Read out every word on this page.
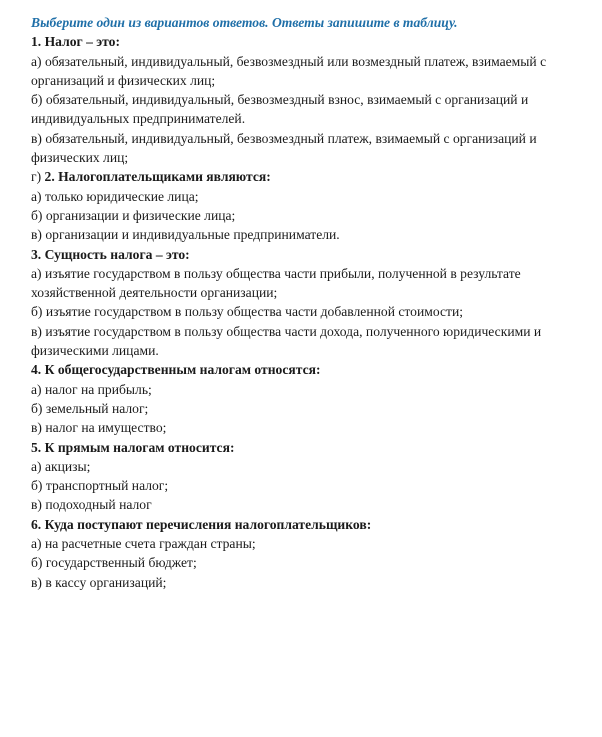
Выберите один из вариантов ответов. Ответы запишите в таблицу.
1. Налог – это:
а) обязательный, индивидуальный, безвозмездный или возмездный платеж, взимаемый с
организаций и физических лиц;
б) обязательный, индивидуальный, безвозмездный взнос, взимаемый с организаций и
индивидуальных предпринимателей.
в) обязательный, индивидуальный, безвозмездный платеж, взимаемый с организаций и
физических лиц;
г) 2. Налогоплательщиками являются:
а) только юридические лица;
б) организации и физические лица;
в) организации и индивидуальные предприниматели.
3. Сущность налога – это:
а) изъятие государством в пользу общества части прибыли, полученной в результате
хозяйственной деятельности организации;
б) изъятие государством в пользу общества части добавленной стоимости;
в) изъятие государством в пользу общества части дохода, полученного юридическими и
физическими лицами.
4. К общегосударственным налогам относятся:
а) налог на прибыль;
б) земельный налог;
в) налог на имущество;
5. К прямым налогам относится:
а) акцизы;
б) транспортный налог;
в) подоходный налог
6. Куда поступают перечисления налогоплательщиков:
а) на расчетные счета граждан страны;
б) государственный бюджет;
в) в кассу организаций;
